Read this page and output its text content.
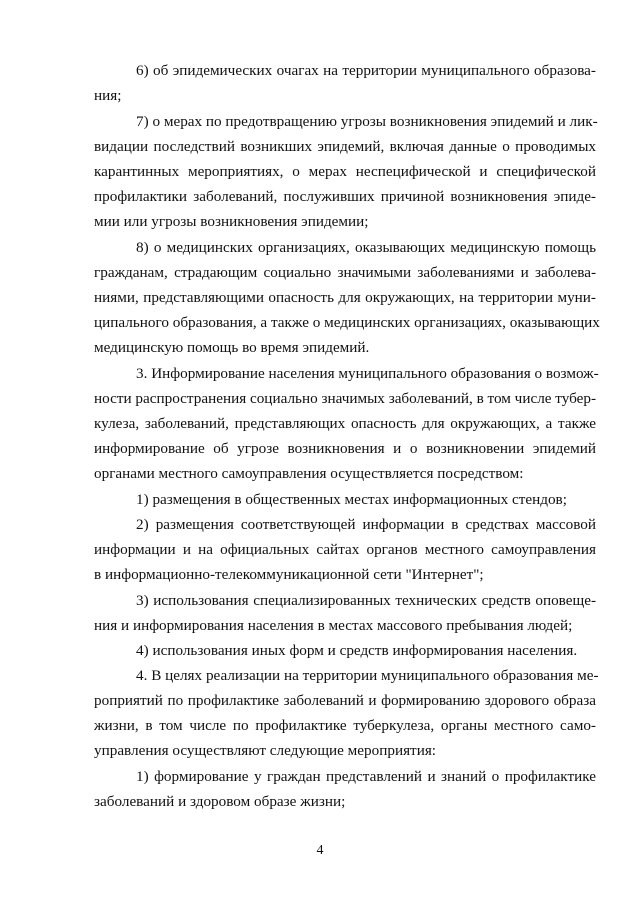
6) об эпидемических очагах на территории муниципального образова-
ния;
7) о мерах по предотвращению угрозы возникновения эпидемий и лик-
видации последствий возникших эпидемий, включая данные о проводимых
карантинных мероприятиях, о мерах неспецифической и специфической
профилактики заболеваний, послуживших причиной возникновения эпиде-
мии или угрозы возникновения эпидемии;
8) о медицинских организациях, оказывающих медицинскую помощь
гражданам, страдающим социально значимыми заболеваниями и заболева-
ниями, представляющими опасность для окружающих, на территории муни-
ципального образования, а также о медицинских организациях, оказывающих
медицинскую помощь во время эпидемий.
3. Информирование населения муниципального образования о возмож-
ности распространения социально значимых заболеваний, в том числе тубер-
кулеза, заболеваний, представляющих опасность для окружающих, а также
информирование об угрозе возникновения и о возникновении эпидемий
органами местного самоуправления осуществляется посредством:
1) размещения в общественных местах информационных стендов;
2) размещения соответствующей информации в средствах массовой
информации и на официальных сайтах органов местного самоуправления
в информационно-телекоммуникационной сети "Интернет";
3) использования специализированных технических средств оповеще-
ния и информирования населения в местах массового пребывания людей;
4) использования иных форм и средств информирования населения.
4. В целях реализации на территории муниципального образования ме-
роприятий по профилактике заболеваний и формированию здорового образа
жизни, в том числе по профилактике туберкулеза, органы местного само-
управления осуществляют следующие мероприятия:
1) формирование у граждан представлений и знаний о профилактике
заболеваний и здоровом образе жизни;
4
